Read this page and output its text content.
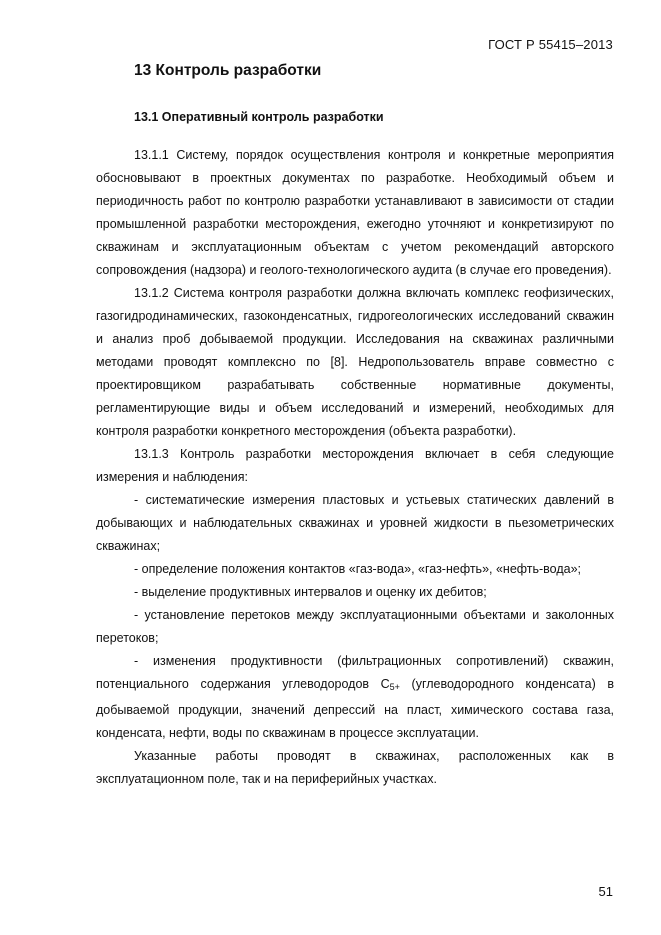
ГОСТ Р 55415–2013
13 Контроль разработки
13.1 Оперативный контроль разработки

13.1.1 Систему, порядок осуществления контроля и конкретные мероприятия обосновывают в проектных документах по разработке. Необходимый объем и периодичность работ по контролю разработки устанавливают в зависимости от стадии промышленной разработки месторождения, ежегодно уточняют и конкретизируют по скважинам и эксплуатационным объектам с учетом рекомендаций авторского сопровождения (надзора) и геолого-технологического аудита (в случае его проведения).

13.1.2 Система контроля разработки должна включать комплекс геофизических, газогидродинамических, газоконденсатных, гидрогеологических исследований скважин и анализ проб добываемой продукции. Исследования на скважинах различными методами проводят комплексно по [8]. Недропользователь вправе совместно с проектировщиком разрабатывать собственные нормативные документы, регламентирующие виды и объем исследований и измерений, необходимых для контроля разработки конкретного месторождения (объекта разработки).

13.1.3 Контроль разработки месторождения включает в себя следующие измерения и наблюдения:

- систематические измерения пластовых и устьевых статических давлений в добывающих и наблюдательных скважинах и уровней жидкости в пьезометрических скважинах;

- определение положения контактов «газ-вода», «газ-нефть», «нефть-вода»;

- выделение продуктивных интервалов и оценку их дебитов;

- установление перетоков между эксплуатационными объектами и заколонных перетоков;

- изменения продуктивности (фильтрационных сопротивлений) скважин, потенциального содержания углеводородов $С_{5+}$ (углеводородного конденсата) в добываемой продукции, значений депрессий на пласт, химического состава газа, конденсата, нефти, воды по скважинам в процессе эксплуатации.

Указанные работы проводят в скважинах, расположенных как в эксплуатационном поле, так и на периферийных участках.

51
